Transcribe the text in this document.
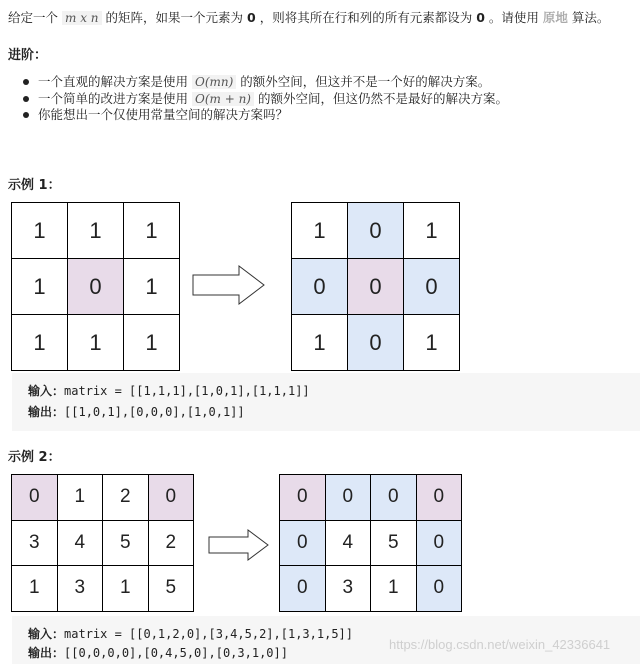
给定一个 m x n 的矩阵，如果一个元素为 0 ，则将其所在行和列的所有元素都设为 0 。请使用 原地 算法。
进阶：
一个直观的解决方案是使用 O(mn) 的额外空间，但这并不是一个好的解决方案。
一个简单的改进方案是使用 O(m + n) 的额外空间，但这仍然不是最好的解决方案。
你能想出一个仅使用常量空间的解决方案吗？
示例 1：
1	1	1
1	0	1
1	1	1
1	0	1
0	0	0
1	0	1
输入：matrix = [[1,1,1],[1,0,1],[1,1,1]]
输出：[[1,0,1],[0,0,0],[1,0,1]]
示例 2：
0	1	2	0
3	4	5	2
1	3	1	5
0	0	0	0
0	4	5	0
0	3	1	0
输入：matrix = [[0,1,2,0],[3,4,5,2],[1,3,1,5]]
输出：[[0,0,0,0],[0,4,5,0],[0,3,1,0]]
https://blog.csdn.net/weixin_42336641
